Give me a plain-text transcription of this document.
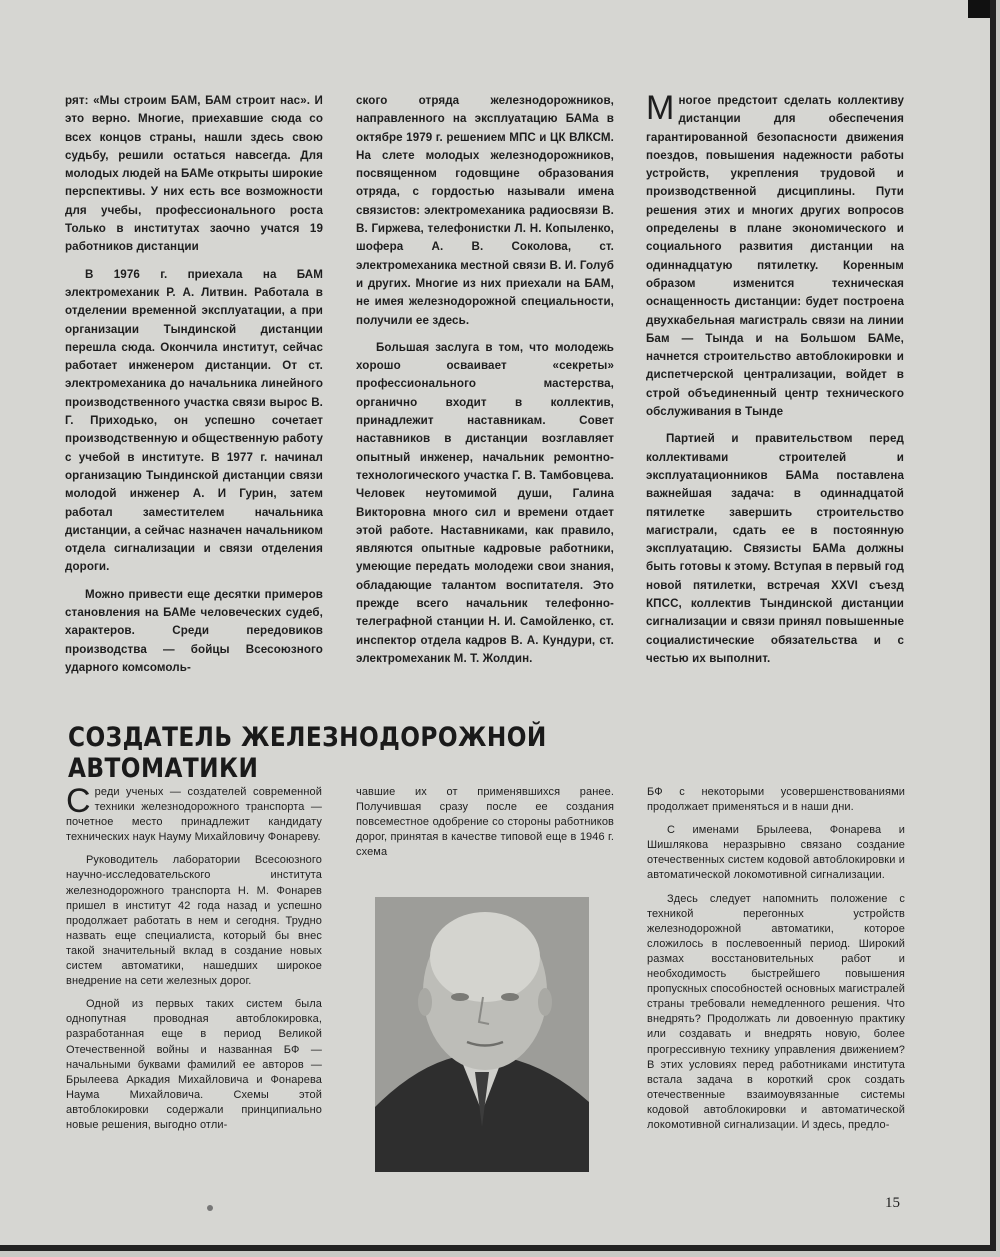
рят: «Мы строим БАМ, БАМ строит нас». И это верно. Многие, приехавшие сюда со всех концов страны, нашли здесь свою судьбу, решили остаться навсегда. Для молодых людей на БАМе открыты широкие перспективы. У них есть все возможности для учебы, профессионального роста Только в институтах заочно учатся 19 работников дистанции

В 1976 г. приехала на БАМ электромеханик Р. А. Литвин. Работала в отделении временной эксплуатации, а при организации Тындинской дистанции перешла сюда. Окончила институт, сейчас работает инженером дистанции. От ст. электромеханика до начальника линейного производственного участка связи вырос В. Г. Приходько, он успешно сочетает производственную и общественную работу с учебой в институте. В 1977 г. начинал организацию Тындинской дистанции связи молодой инженер А. И Гурин, затем работал заместителем начальника дистанции, а сейчас назначен начальником отдела сигнализации и связи отделения дороги.

Можно привести еще десятки примеров становления на БАМе человеческих судеб, характеров. Среди передовиков производства — бойцы Всесоюзного ударного комсомоль-

ского отряда железнодорожников, направленного на эксплуатацию БАМа в октябре 1979 г. решением МПС и ЦК ВЛКСМ. На слете молодых железнодорожников, посвященном годовщине образования отряда, с гордостью называли имена связистов: электромеханика радиосвязи В. В. Гиржева, телефонистки Л. Н. Копыленко, шофера А. В. Соколова, ст. электромеханика местной связи В. И. Голуб и других. Многие из них приехали на БАМ, не имея железнодорожной специальности, получили ее здесь.

Большая заслуга в том, что молодежь хорошо осваивает «секреты» профессионального мастерства, органично входит в коллектив, принадлежит наставникам. Совет наставников в дистанции возглавляет опытный инженер, начальник ремонтно-технологического участка Г. В. Тамбовцева. Человек неутомимой души, Галина Викторовна много сил и времени отдает этой работе. Наставниками, как правило, являются опытные кадровые работники, умеющие передать молодежи свои знания, обладающие талантом воспитателя. Это прежде всего начальник телефонно-телеграфной станции Н. И. Самойленко, ст. инспектор отдела кадров В. А. Кундури, ст. электромеханик М. Т. Жолдин.

Многое предстоит сделать коллективу дистанции для обеспечения гарантированной безопасности движения поездов, повышения надежности работы устройств, укрепления трудовой и производственной дисциплины. Пути решения этих и многих других вопросов определены в плане экономического и социального развития дистанции на одиннадцатую пятилетку. Коренным образом изменится техническая оснащенность дистанции: будет построена двухкабельная магистраль связи на линии Бам — Тында и на Большом БАМе, начнется строительство автоблокировки и диспетчерской централизации, войдет в строй объединенный центр технического обслуживания в Тынде

Партией и правительством перед коллективами строителей и эксплуатационников БАМа поставлена важнейшая задача: в одиннадцатой пятилетке завершить строительство магистрали, сдать ее в постоянную эксплуатацию. Связисты БАМа должны быть готовы к этому. Вступая в первый год новой пятилетки, встречая XXVI съезд КПСС, коллектив Тындинской дистанции сигнализации и связи принял повышенные социалистические обязательства и с честью их выполнит.

СОЗДАТЕЛЬ ЖЕЛЕЗНОДОРОЖНОЙ АВТОМАТИКИ

Среди ученых — создателей современной техники железнодорожного транспорта — почетное место принадлежит кандидату технических наук Науму Михайловичу Фонареву.

Руководитель лаборатории Всесоюзного научно-исследовательского института железнодорожного транспорта Н. М. Фонарев пришел в институт 42 года назад и успешно продолжает работать в нем и сегодня. Трудно назвать еще специалиста, который бы внес такой значительный вклад в создание новых систем автоматики, нашедших широкое внедрение на сети железных дорог.

Одной из первых таких систем была однопутная проводная автоблокировка, разработанная еще в период Великой Отечественной войны и названная БФ — начальными буквами фамилий ее авторов — Брылеева Аркадия Михайловича и Фонарева Наума Михайловича. Схемы этой автоблокировки содержали принципиально новые решения, выгодно отли-

чавшие их от применявшихся ранее. Получившая сразу после ее создания повсеместное одобрение со стороны работников дорог, принятая в качестве типовой еще в 1946 г. схема

БФ с некоторыми усовершенствованиями продолжает применяться и в наши дни.

С именами Брылеева, Фонарева и Шишлякова неразрывно связано создание отечественных систем кодовой автоблокировки и автоматической локомотивной сигнализации.

Здесь следует напомнить положение с техникой перегонных устройств железнодорожной автоматики, которое сложилось в послевоенный период. Широкий размах восстановительных работ и необходимость быстрейшего повышения пропускных способностей основных магистралей страны требовали немедленного решения. Что внедрять? Продолжать ли довоенную практику или создавать и внедрять новую, более прогрессивную технику управления движением? В этих условиях перед работниками института встала задача в короткий срок создать отечественные взаимоувязанные системы кодовой автоблокировки и автоматической локомотивной сигнализации. И здесь, предло-

15
